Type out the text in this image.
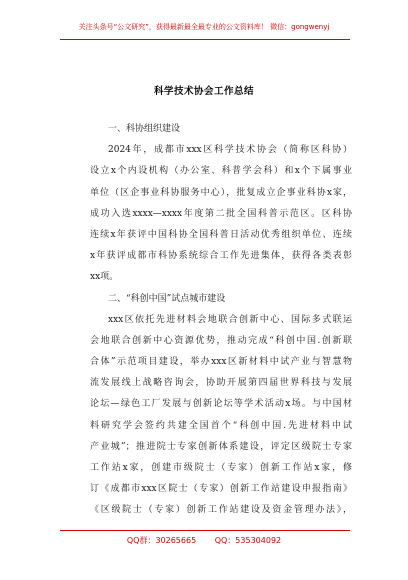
关注头条号“公文研究”，获得最新最全最专业的公文资料库！ 微信：gongwenyj
科学技术协会工作总结
一、科协组织建设
2024年，成都市xxx区科学技术协会（简称区科协）
设立x个内设机构（办公室、科普学会科）和x个下属事业
单位（区企事业科协服务中心），批复成立企事业科协x家，
成功入选xxxx—xxxx年度第二批全国科普示范区。区科协
连续x年获评中国科协全国科普日活动优秀组织单位、连续
x年获评成都市科协系统综合工作先进集体，获得各类表彰
xx项。
二、“科创中国”试点城市建设
xxx区依托先进材料会地联合创新中心、国际多式联运
会地联合创新中心资源优势，推动完成“科创中国.创新联
合体”示范项目建设，举办xxx区新材料中试产业与智慧物
流发展线上战略咨询会，协助开展第四届世界科技与发展
论坛—绿色工厂发展与创新论坛等学术活动x场。与中国材
料研究学会签约共建全国首个“科创中国.先进材料中试
产业城”；推进院士专家创新体系建设，评定区级院士专家
工作站x家，创建市级院士（专家）创新工作站x家，修
订《成都市xxx区院士（专家）创新工作站建设申报指南》
《区级院士（专家）创新工作站建设及资金管理办法》，
QQ群：30265665 QQ：535304092
